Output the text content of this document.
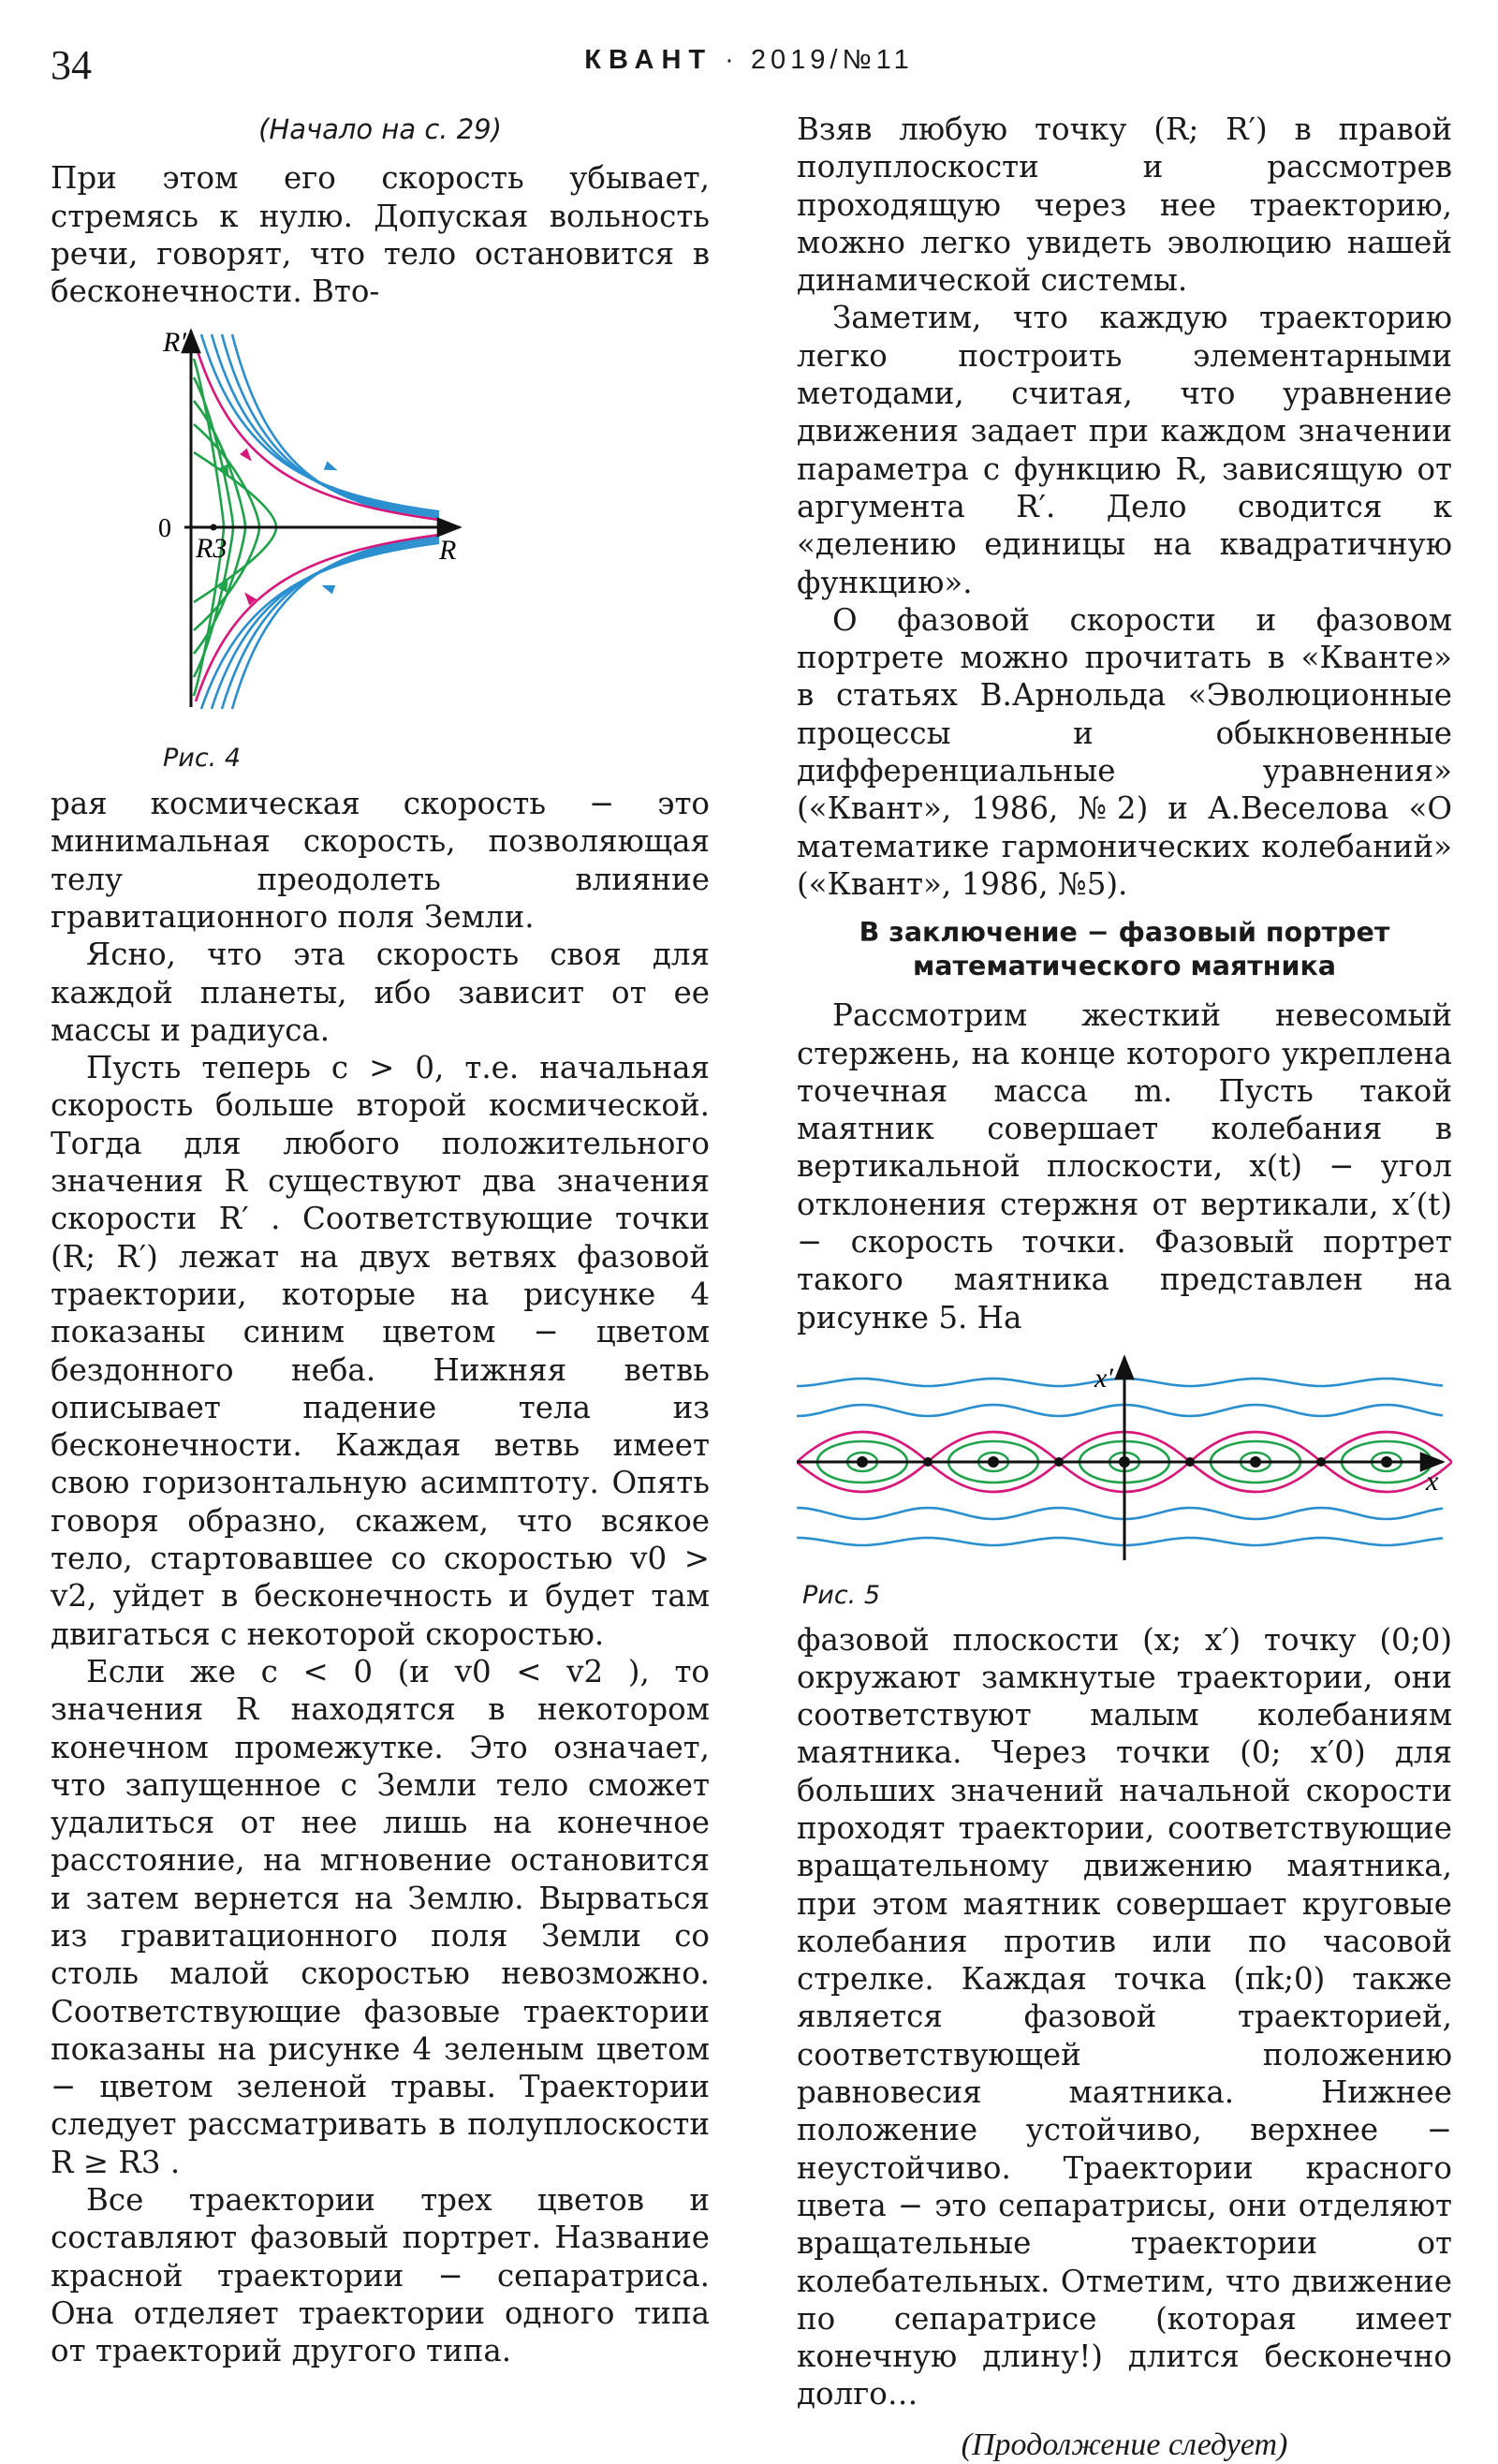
34	КВАНТ · 2019/№11
(Начало на с. 29)

При этом его скорость убывает, стремясь к нулю. Допуская вольность речи, говорят, что тело остановится в бесконечности. Вто-

R′
0
R
R3
Рис. 4

рая космическая скорость − это минимальная скорость, позволяющая телу преодолеть влияние гравитационного поля Земли.

Ясно, что эта скорость своя для каждой планеты, ибо зависит от ее массы и радиуса.

Пусть теперь c > 0, т.е. начальная скорость больше второй космической. Тогда для любого положительного значения R существуют два значения скорости R′ . Соответствующие точки (R; R′) лежат на двух ветвях фазовой траектории, которые на рисунке 4 показаны синим цветом − цветом бездонного неба. Нижняя ветвь описывает падение тела из бесконечности. Каждая ветвь имеет свою горизонтальную асимптоту. Опять говоря образно, скажем, что всякое тело, стартовавшее со скоростью v0 > v2, уйдет в бесконечность и будет там двигаться с некоторой скоростью.

Если же c < 0 (и v0 < v2 ), то значения R находятся в некотором конечном промежутке. Это означает, что запущенное с Земли тело сможет удалиться от нее лишь на конечное расстояние, на мгновение остановится и затем вернется на Землю. Вырваться из гравитационного поля Земли со столь малой скоростью невозможно. Соответствующие фазовые траектории показаны на рисунке 4 зеленым цветом − цветом зеленой травы. Траектории следует рассматривать в полуплоскости R ≥ R3 .

Все траектории трех цветов и составляют фазовый портрет. Название красной траектории − сепаратриса. Она отделяет траектории одного типа от траекторий другого типа.

Взяв любую точку (R; R′) в правой полуплоскости и рассмотрев проходящую через нее траекторию, можно легко увидеть эволюцию нашей динамической системы.

Заметим, что каждую траекторию легко построить элементарными методами, считая, что уравнение движения задает при каждом значении параметра c функцию R, зависящую от аргумента R′. Дело сводится к «делению единицы на квадратичную функцию».

О фазовой скорости и фазовом портрете можно прочитать в «Кванте» в статьях В.Арнольда «Эволюционные процессы и обыкновенные дифференциальные уравнения» («Квант», 1986, №2) и А.Веселова «О математике гармонических колебаний» («Квант», 1986, №5).

В заключение − фазовый портрет математического маятника

Рассмотрим жесткий невесомый стержень, на конце которого укреплена точечная масса m. Пусть такой маятник совершает колебания в вертикальной плоскости, x(t) − угол отклонения стержня от вертикали, x′(t) − скорость точки. Фазовый портрет такого маятника представлен на рисунке 5. На

x′
x
Рис. 5

фазовой плоскости (x; x′) точку (0;0) окружают замкнутые траектории, они соответствуют малым колебаниям маятника. Через точки (0; x′0) для больших значений начальной скорости проходят траектории, соответствующие вращательному движению маятника, при этом маятник совершает круговые колебания против или по часовой стрелке. Каждая точка (πk;0) также является фазовой траекторией, соответствующей положению равновесия маятника. Нижнее положение устойчиво, верхнее − неустойчиво. Траектории красного цвета − это сепаратрисы, они отделяют вращательные траектории от колебательных. Отметим, что движение по сепаратрисе (которая имеет конечную длину!) длится бесконечно долго…

(Продолжение следует)
